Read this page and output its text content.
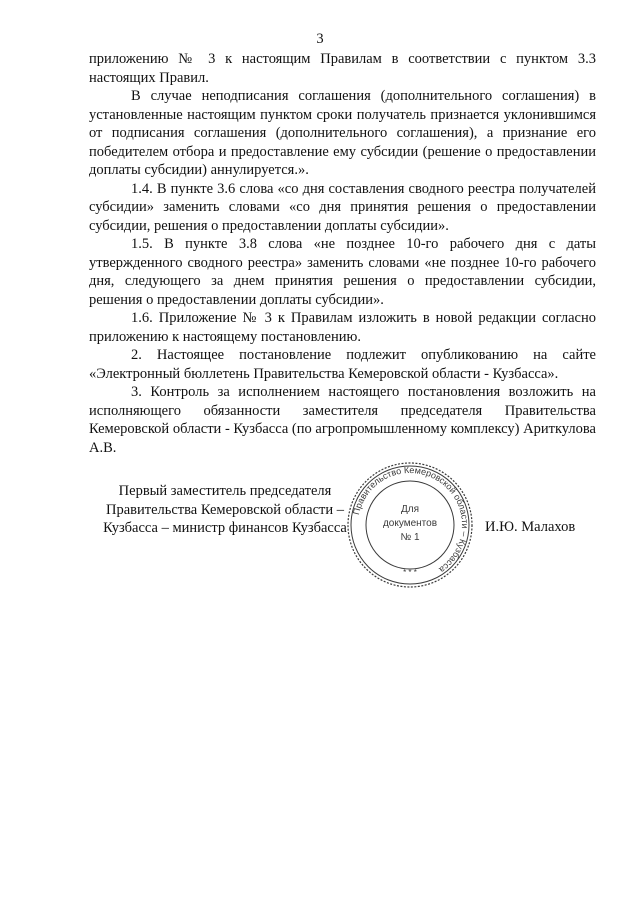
3

приложению № 3 к настоящим Правилам в соответствии с пунктом 3.3 настоящих Правил.

В случае неподписания соглашения (дополнительного соглашения) в установленные настоящим пунктом сроки получатель признается уклонившимся от подписания соглашения (дополнительного соглашения), а признание его победителем отбора и предоставление ему субсидии (решение о предоставлении доплаты субсидии) аннулируется.».

1.4. В пункте 3.6 слова «со дня составления сводного реестра получателей субсидии» заменить словами «со дня принятия решения о предоставлении субсидии, решения о предоставлении доплаты субсидии».

1.5. В пункте 3.8 слова «не позднее 10-го рабочего дня с даты утвержденного сводного реестра» заменить словами «не позднее 10-го рабочего дня, следующего за днем принятия решения о предоставлении субсидии, решения о предоставлении доплаты субсидии».

1.6. Приложение № 3 к Правилам изложить в новой редакции согласно приложению к настоящему постановлению.

2. Настоящее постановление подлежит опубликованию на сайте «Электронный бюллетень Правительства Кемеровской области - Кузбасса».

3. Контроль за исполнением настоящего постановления возложить на исполняющего обязанности заместителя председателя Правительства Кемеровской области - Кузбасса (по агропромышленному комплексу) Ариткулова А.В.

Первый заместитель председателя
Правительства Кемеровской области –
Кузбасса – министр финансов Кузбасса
Правительство Кемеровской области – Кузбасса
* * *
Для
документов
№ 1
И.Ю. Малахов
